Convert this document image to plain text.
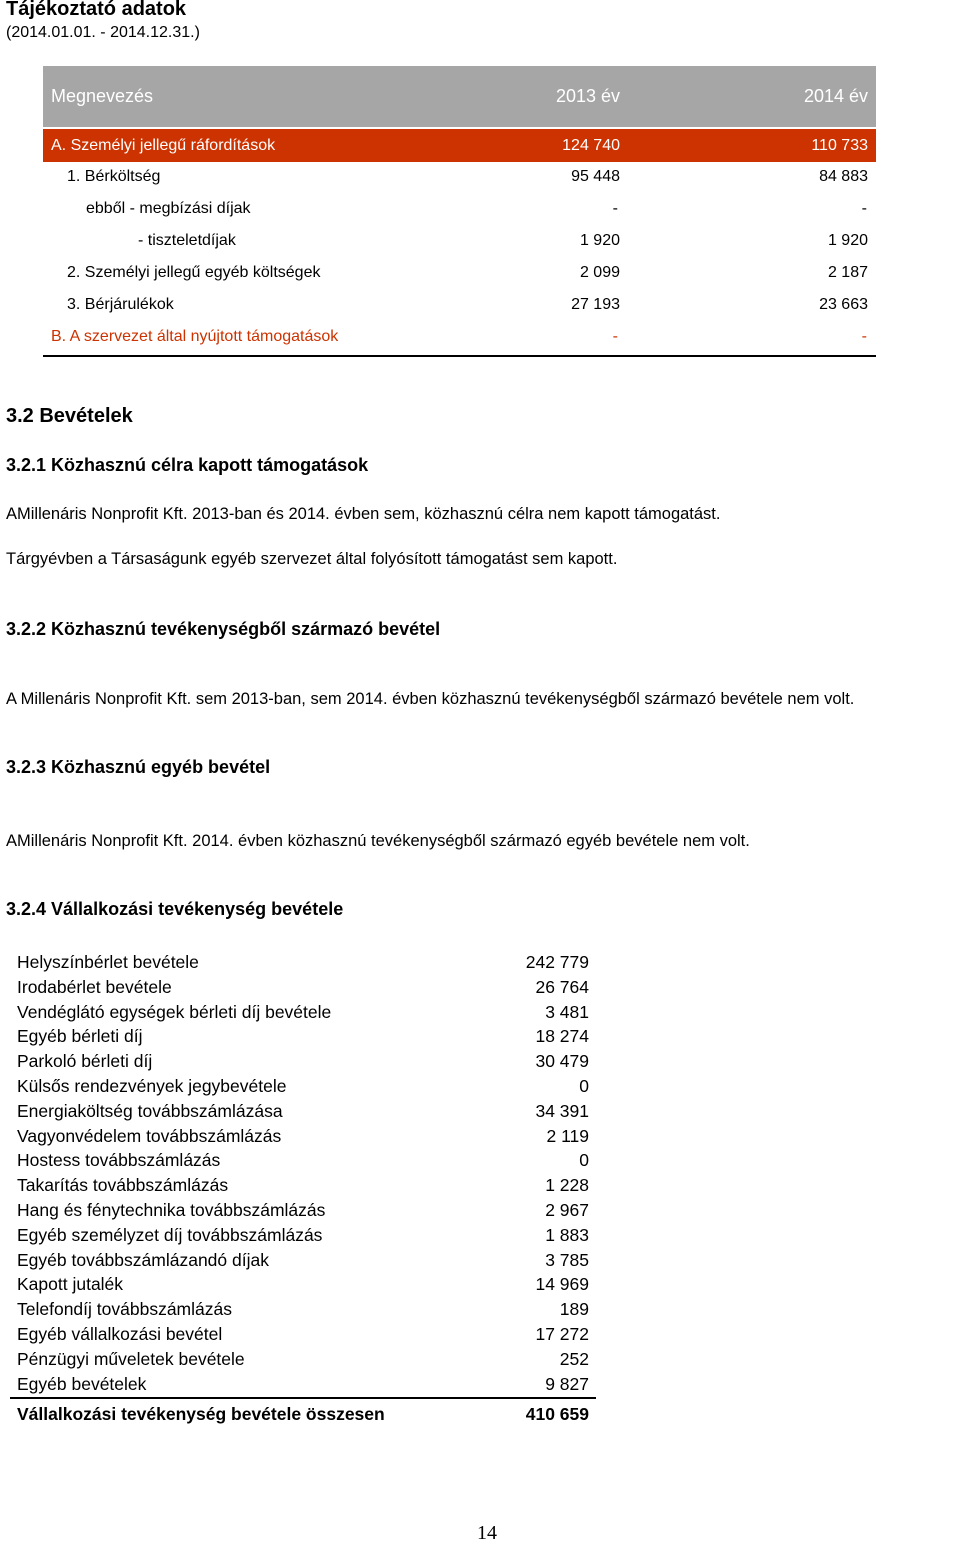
Tájékoztató adatok
(2014.01.01. - 2014.12.31.)
Megnevezés	2013 év	2014 év
A. Személyi jellegű ráfordítások	124 740	110 733
1. Bérköltség	95 448	84 883
ebből - megbízási díjak	-	-
- tiszteletdíjak	1 920	1 920
2. Személyi jellegű egyéb költségek	2 099	2 187
3. Bérjárulékok	27 193	23 663
B. A szervezet által nyújtott támogatások	-	-
3.2 Bevételek
3.2.1 Közhasznú célra kapott támogatások
AMillenáris Nonprofit Kft. 2013-ban és 2014. évben sem, közhasznú célra nem kapott támogatást.
Tárgyévben a Társaságunk egyéb szervezet által folyósított támogatást sem kapott.
3.2.2 Közhasznú tevékenységből származó bevétel
A Millenáris Nonprofit Kft. sem 2013-ban, sem 2014. évben közhasznú tevékenységből származó bevétele nem volt.
3.2.3 Közhasznú egyéb bevétel
AMillenáris Nonprofit Kft. 2014. évben közhasznú tevékenységből származó egyéb bevétele nem volt.
3.2.4 Vállalkozási tevékenység bevétele
Helyszínbérlet bevétele	242 779
Irodabérlet bevétele	26 764
Vendéglátó egységek bérleti díj bevétele	3 481
Egyéb bérleti díj	18 274
Parkoló bérleti díj	30 479
Külsős rendezvények jegybevétele	0
Energiaköltség továbbszámlázása	34 391
Vagyonvédelem továbbszámlázás	2 119
Hostess továbbszámlázás	0
Takarítás továbbszámlázás	1 228
Hang és fénytechnika továbbszámlázás	2 967
Egyéb személyzet díj továbbszámlázás	1 883
Egyéb továbbszámlázandó díjak	3 785
Kapott jutalék	14 969
Telefondíj továbbszámlázás	189
Egyéb vállalkozási bevétel	17 272
Pénzügyi műveletek bevétele	252
Egyéb bevételek	9 827
Vállalkozási tevékenység bevétele összesen	410 659
14
